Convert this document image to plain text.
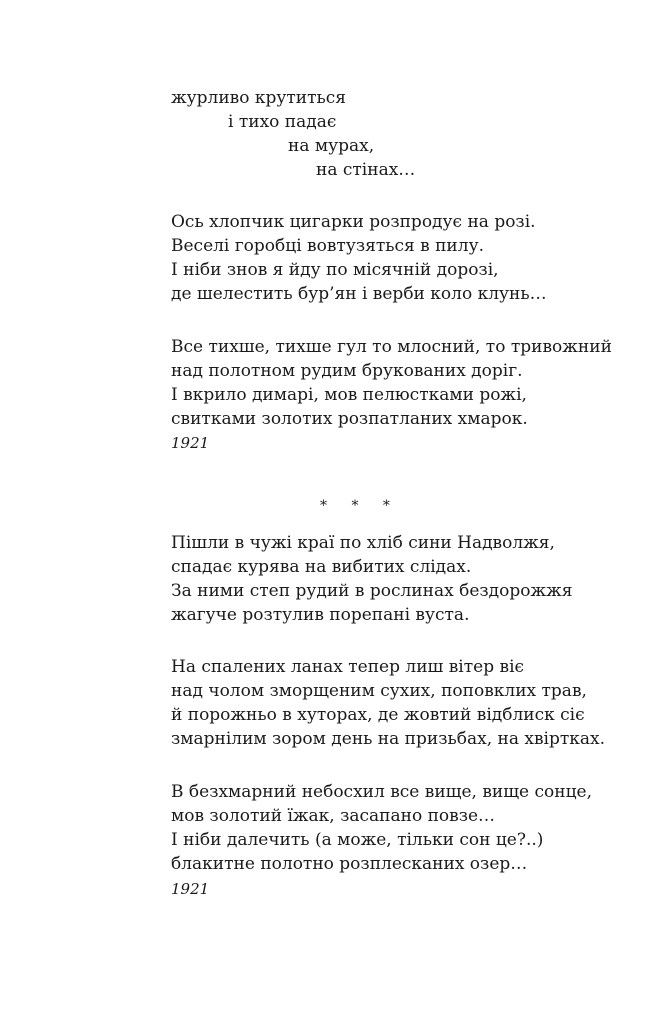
журливо крутиться
і тихо падає
на мурах,
на стінах…
Ось хлопчик цигарки розпродує на розі.
Веселі горобці вовтузяться в пилу.
І ніби знов я йду по місячній дорозі,
де шелестить бур’ян і верби коло клунь…
Все тихше, тихше гул то млосний, то тривожний
над полотном рудим брукованих доріг.
І вкрило димарі, мов пелюстками рожі,
свитками золотих розпатланих хмарок.
1921
* * *
Пішли в чужі краї по хліб сини Надволжя,
спадає курява на вибитих слідах.
За ними степ рудий в рослинах бездорожжя
жагуче розтулив порепані вуста.
На спалених ланах тепер лиш вітер віє
над чолом зморщеним сухих, поповклих трав,
й порожньо в хуторах, де жовтий відблиск сіє
змарнілим зором день на призьбах, на хвіртках.
В безхмарний небосхил все вище, вище сонце,
мов золотий їжак, засапано повзе…
І ніби далечить (а може, тільки сон це?..)
блакитне полотно розплесканих озер…
1921
